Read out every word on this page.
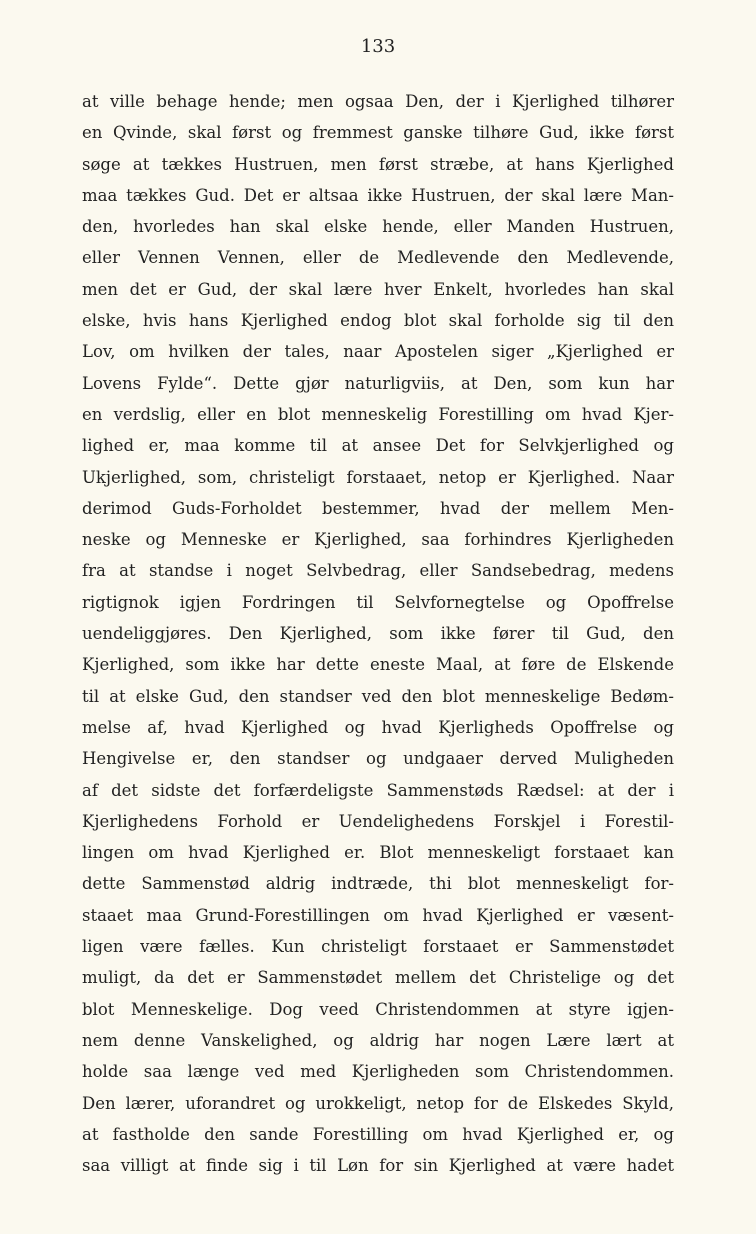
133
at ville behage hende; men ogsaa Den, der i Kjerlighed tilhører
en Qvinde, skal først og fremmest ganske tilhøre Gud, ikke først
søge at tækkes Hustruen, men først stræbe, at hans Kjerlighed
maa tækkes Gud. Det er altsaa ikke Hustruen, der skal lære Man-
den, hvorledes han skal elske hende, eller Manden Hustruen,
eller Vennen Vennen, eller de Medlevende den Medlevende,
men det er Gud, der skal lære hver Enkelt, hvorledes han skal
elske, hvis hans Kjerlighed endog blot skal forholde sig til den
Lov, om hvilken der tales, naar Apostelen siger „Kjerlighed er
Lovens Fylde“. Dette gjør naturligviis, at Den, som kun har
en verdslig, eller en blot menneskelig Forestilling om hvad Kjer-
lighed er, maa komme til at ansee Det for Selvkjerlighed og
Ukjerlighed, som, christeligt forstaaet, netop er Kjerlighed. Naar
derimod Guds-Forholdet bestemmer, hvad der mellem Men-
neske og Menneske er Kjerlighed, saa forhindres Kjerligheden
fra at standse i noget Selvbedrag, eller Sandsebedrag, medens
rigtignok igjen Fordringen til Selvfornegtelse og Opoffrelse
uendeliggjøres. Den Kjerlighed, som ikke fører til Gud, den
Kjerlighed, som ikke har dette eneste Maal, at føre de Elskende
til at elske Gud, den standser ved den blot menneskelige Bedøm-
melse af, hvad Kjerlighed og hvad Kjerligheds Opoffrelse og
Hengivelse er, den standser og undgaaer derved Muligheden
af det sidste det forfærdeligste Sammenstøds Rædsel: at der i
Kjerlighedens Forhold er Uendelighedens Forskjel i Forestil-
lingen om hvad Kjerlighed er. Blot menneskeligt forstaaet kan
dette Sammenstød aldrig indtræde, thi blot menneskeligt for-
staaet maa Grund-Forestillingen om hvad Kjerlighed er væsent-
ligen være fælles. Kun christeligt forstaaet er Sammenstødet
muligt, da det er Sammenstødet mellem det Christelige og det
blot Menneskelige. Dog veed Christendommen at styre igjen-
nem denne Vanskelighed, og aldrig har nogen Lære lært at
holde saa længe ved med Kjerligheden som Christendommen.
Den lærer, uforandret og urokkeligt, netop for de Elskedes Skyld,
at fastholde den sande Forestilling om hvad Kjerlighed er, og
saa villigt at finde sig i til Løn for sin Kjerlighed at være hadet
